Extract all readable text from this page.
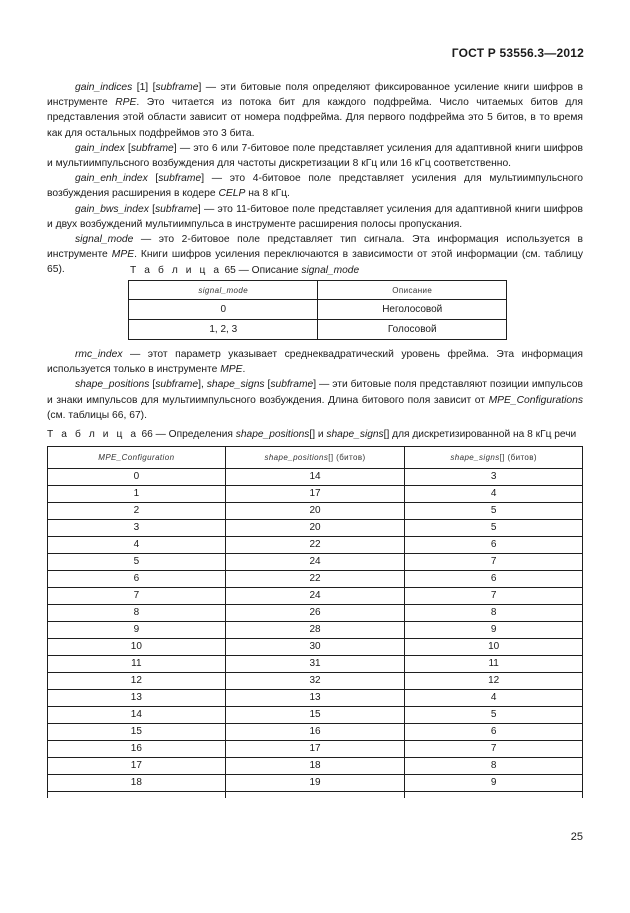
ГОСТ Р 53556.3—2012

gain_indices [1] [subframe] — эти битовые поля определяют фиксированное усиление книги шифров в инструменте RPE. Это читается из потока бит для каждого подфрейма. Число читаемых битов для представления этой области зависит от номера подфрейма. Для первого подфрейма это 5 битов, в то время как для остальных подфреймов это 3 бита.

gain_index [subframe] — это 6 или 7-битовое поле представляет усиления для адаптивной книги шифров и мультиимпульсного возбуждения для частоты дискретизации 8 кГц или 16 кГц соответственно.

gain_enh_index [subframe] — это 4-битовое поле представляет усиления для мультиимпульсного возбуждения расширения в кодере CELP на 8 кГц.

gain_bws_index [subframe] — это 11-битовое поле представляет усиления для адаптивной книги шифров и двух возбуждений мультиимпульса в инструменте расширения полосы пропускания.

signal_mode — это 2-битовое поле представляет тип сигнала. Эта информация используется в инструменте MPE. Книги шифров усиления переключаются в зависимости от этой информации (см. таблицу 65).	Т а б л и ц а 65 — Описание signal_mode
signal_mode	Описание
0	Неголосовой
1, 2, 3	Голосовой

rmc_index — этот параметр указывает среднеквадратический уровень фрейма. Эта информация используется только в инструменте MPE.

shape_positions [subframe], shape_signs [subframe] — эти битовые поля представляют позиции импульсов и знаки импульсов для мультиимпульсного возбуждения. Длина битового поля зависит от MPE_Configurations (см. таблицы 66, 67).

Т а б л и ц а 66 — Определения shape_positions[] и shape_signs[] для дискретизированной на 8 кГц речи
MPE_Configuration	shape_positions[] (битов)	shape_signs[] (битов)
0	14	3
1	17	4
2	20	5
3	20	5
4	22	6
5	24	7
6	22	6
7	24	7
8	26	8
9	28	9
10	30	10
11	31	11
12	32	12
13	13	4
14	15	5
15	16	6
16	17	7
17	18	8
18	19	9

25
